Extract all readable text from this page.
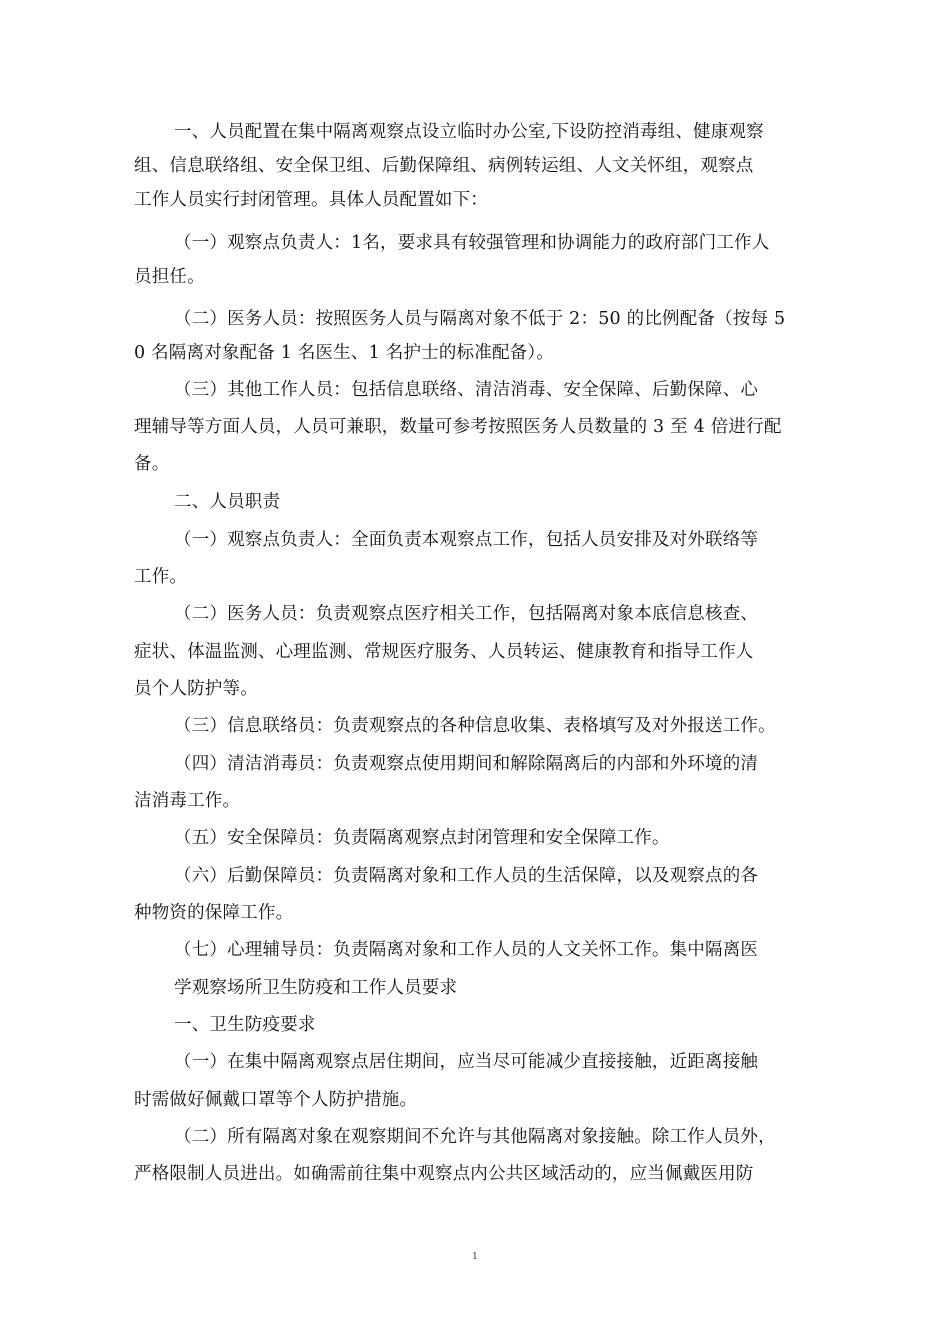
一、人员配置在集中隔离观察点设立临时办公室,下设防控消毒组、健康观察
组、信息联络组、安全保卫组、后勤保障组、病例转运组、人文关怀组，观察点
工作人员实行封闭管理。具体人员配置如下：
（一）观察点负责人：1名，要求具有较强管理和协调能力的政府部门工作人
员担任。
（二）医务人员：按照医务人员与隔离对象不低于 2：50 的比例配备（按每 5
0 名隔离对象配备 1 名医生、1 名护士的标准配备）。
（三）其他工作人员：包括信息联络、清洁消毒、安全保障、后勤保障、心
理辅导等方面人员，人员可兼职，数量可参考按照医务人员数量的 3 至 4 倍进行配
备。
二、人员职责
（一）观察点负责人：全面负责本观察点工作，包括人员安排及对外联络等
工作。
（二）医务人员：负责观察点医疗相关工作，包括隔离对象本底信息核查、
症状、体温监测、心理监测、常规医疗服务、人员转运、健康教育和指导工作人
员个人防护等。
（三）信息联络员：负责观察点的各种信息收集、表格填写及对外报送工作。
（四）清洁消毒员：负责观察点使用期间和解除隔离后的内部和外环境的清
洁消毒工作。
（五）安全保障员：负责隔离观察点封闭管理和安全保障工作。
（六）后勤保障员：负责隔离对象和工作人员的生活保障，以及观察点的各
种物资的保障工作。
（七）心理辅导员：负责隔离对象和工作人员的人文关怀工作。集中隔离医
学观察场所卫生防疫和工作人员要求
一、卫生防疫要求
（一）在集中隔离观察点居住期间，应当尽可能减少直接接触，近距离接触
时需做好佩戴口罩等个人防护措施。
（二）所有隔离对象在观察期间不允许与其他隔离对象接触。除工作人员外，
严格限制人员进出。如确需前往集中观察点内公共区域活动的，应当佩戴医用防
1
